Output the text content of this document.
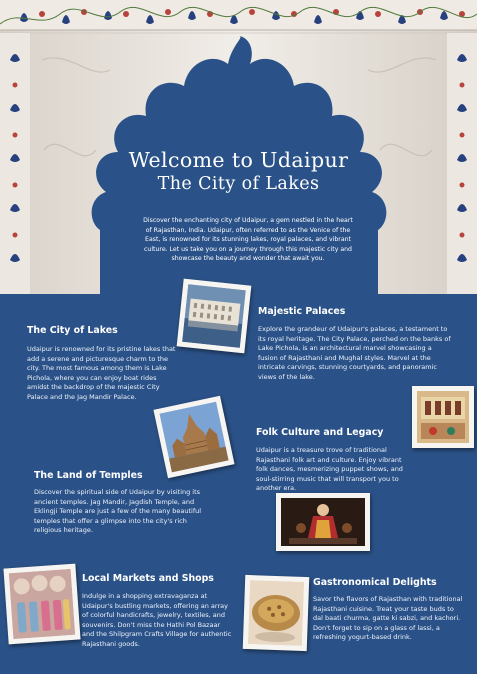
Welcome to Udaipur
The City of Lakes
Discover the enchanting city of Udaipur, a gem nestled in the heart of Rajasthan, India. Udaipur, often referred to as the Venice of the East, is renowned for its stunning lakes, royal palaces, and vibrant culture. Let us take you on a journey through this majestic city and showcase the beauty and wonder that await you.
The City of Lakes
Udaipur is renowned for its pristine lakes that add a serene and picturesque charm to the city. The most famous among them is Lake Pichola, where you can enjoy boat rides amidst the backdrop of the majestic City Palace and the Jag Mandir Palace.
Majestic Palaces
Explore the grandeur of Udaipur's palaces, a testament to its royal heritage. The City Palace, perched on the banks of Lake Pichola, is an architectural marvel showcasing a fusion of Rajasthani and Mughal styles. Marvel at the intricate carvings, stunning courtyards, and panoramic views of the lake.
Folk Culture and Legacy
Udaipur is a treasure trove of traditional Rajasthani folk art and culture. Enjoy vibrant folk dances, mesmerizing puppet shows, and soul-stirring music that will transport you to another era.
The Land of Temples
Discover the spiritual side of Udaipur by visiting its ancient temples. Jag Mandir, Jagdish Temple, and Eklingji Temple are just a few of the many beautiful temples that offer a glimpse into the city's rich religious heritage.
Local Markets and Shops
Indulge in a shopping extravaganza at Udaipur's bustling markets, offering an array of colorful handicrafts, jewelry, textiles, and souvenirs. Don't miss the Hathi Pol Bazaar and the Shilpgram Crafts Village for authentic Rajasthani goods.
Gastronomical Delights
Savor the flavors of Rajasthan with traditional Rajasthani cuisine. Treat your taste buds to dal baati churma, gatte ki sabzi, and kachori. Don't forget to sip on a glass of lassi, a refreshing yogurt-based drink.
